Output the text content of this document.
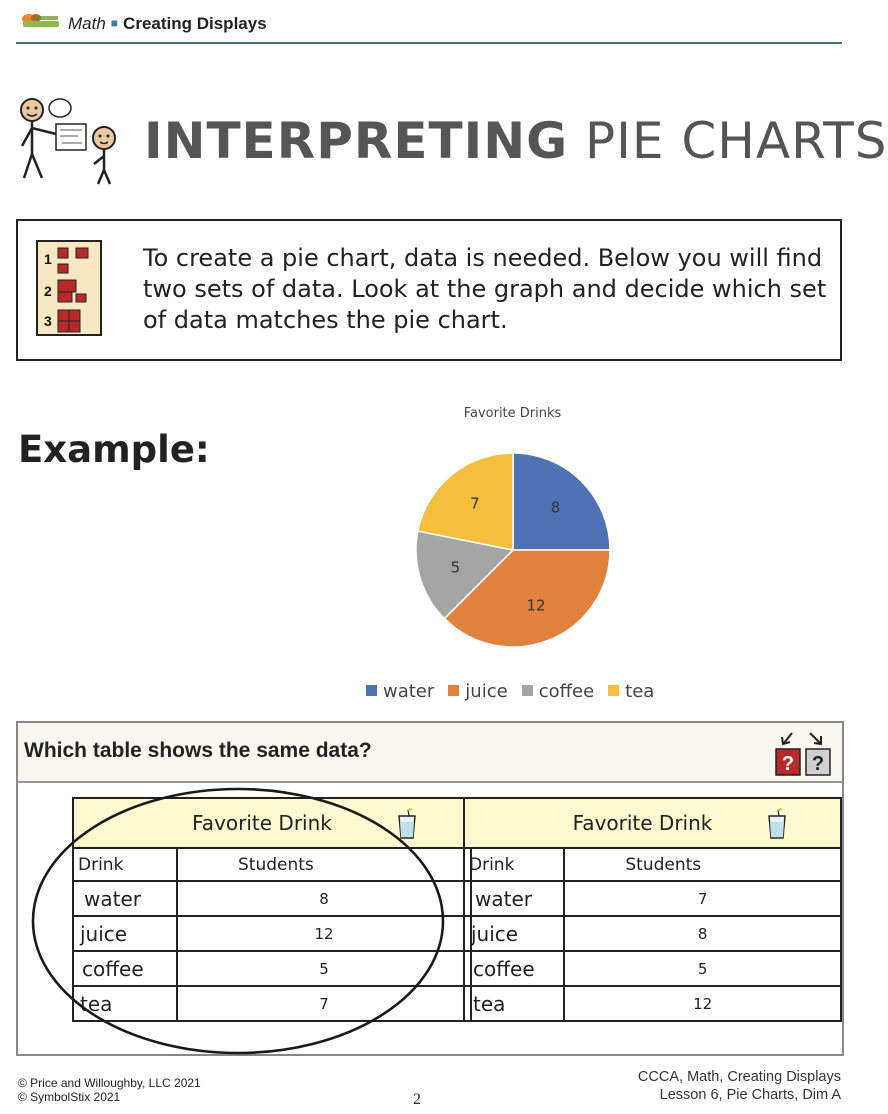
Math ■ Creating Displays
INTERPRETING PIE CHARTS
1
2
3
To create a pie chart, data is needed. Below you will find two sets of data. Look at the graph and decide which set of data matches the pie chart.
Example:
Favorite Drinks
8
12
5
7
water juice coffee tea
Which table shows the same data?
? ?
Favorite Drink	

Drink	Students
water	8
juice	12
coffee	5
tea	7
Favorite Drink	

Drink	Students
water	7
juice	8
coffee	5
tea	12
© Price and Willoughby, LLC 2021
© SymbolStix 2021	2
CCCA, Math, Creating Displays
Lesson 6, Pie Charts, Dim A
